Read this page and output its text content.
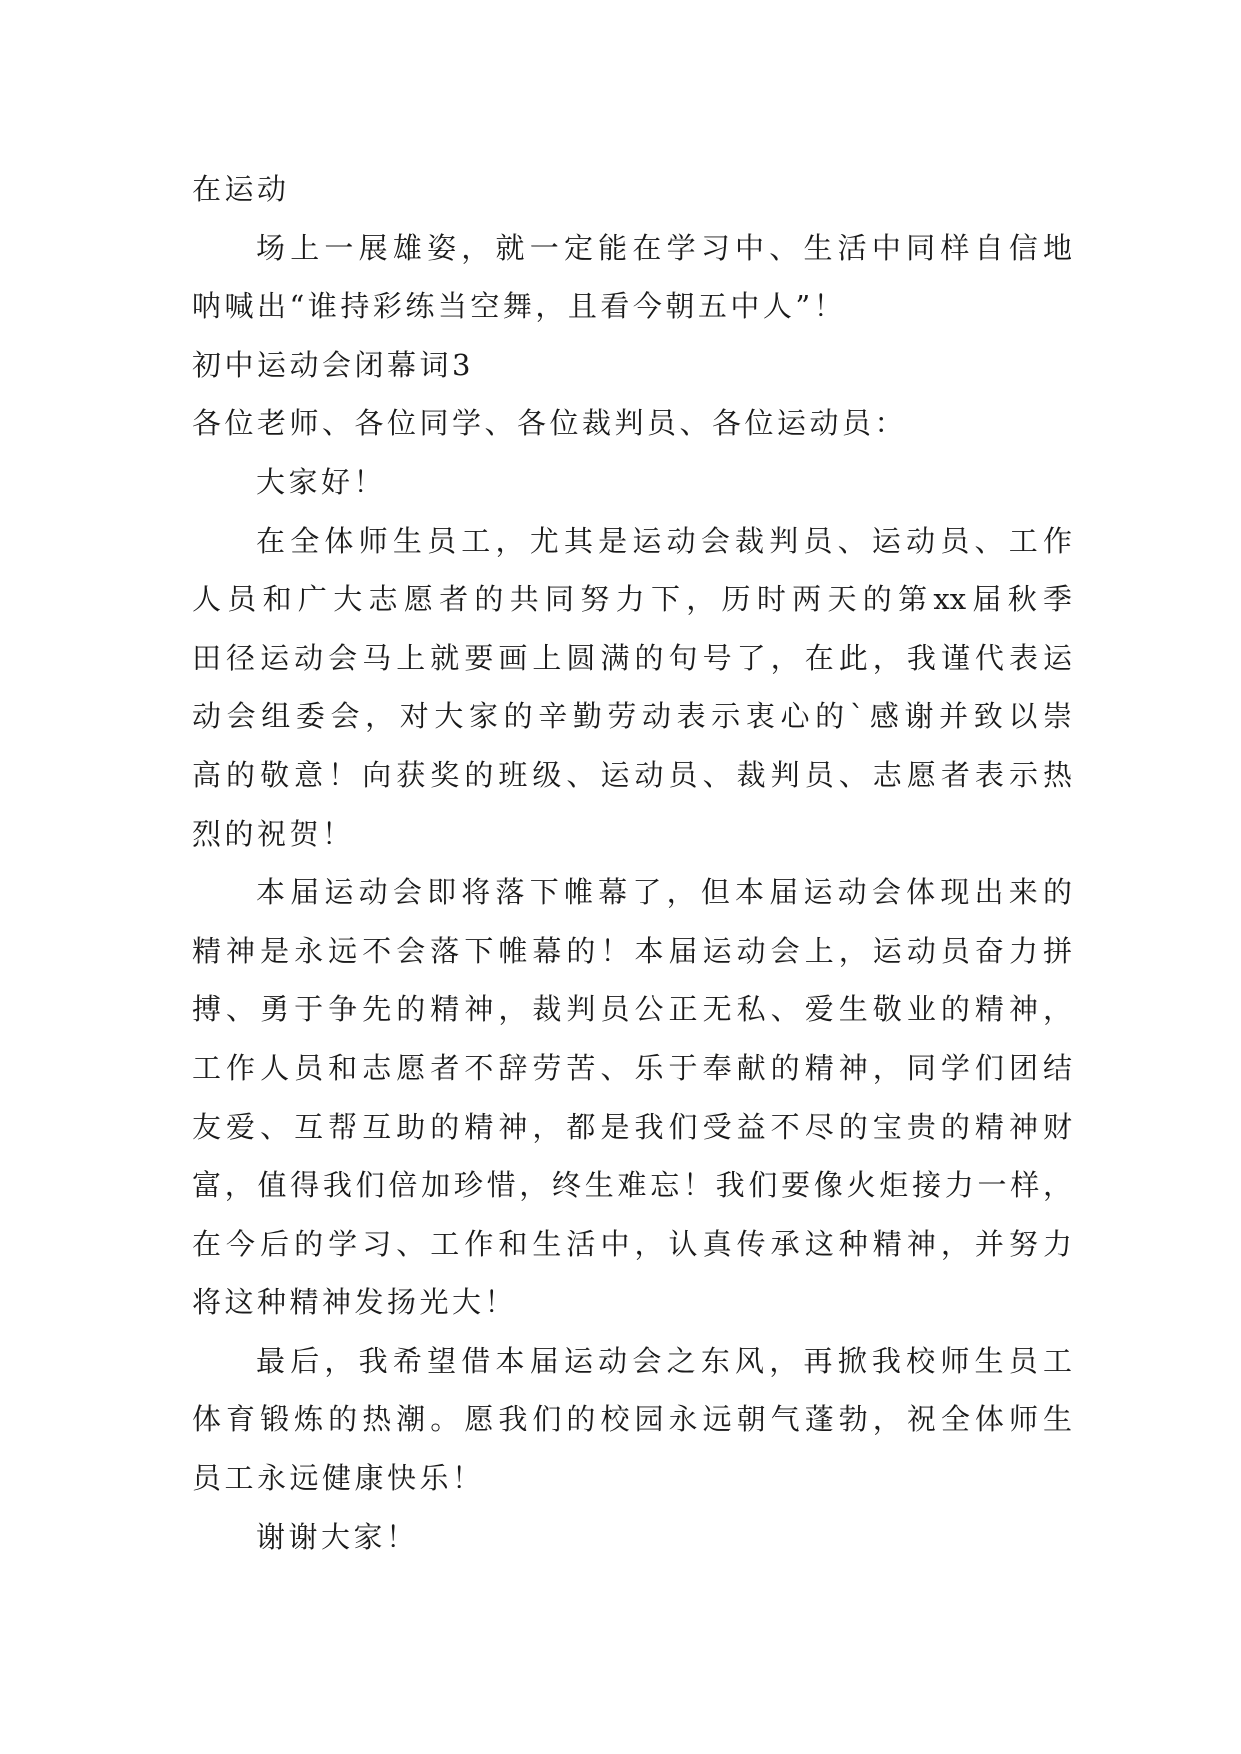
在运动
场上一展雄姿，就一定能在学习中、生活中同样自信地
呐喊出“谁持彩练当空舞，且看今朝五中人”！
初中运动会闭幕词3
各位老师、各位同学、各位裁判员、各位运动员：
大家好！
在全体师生员工，尤其是运动会裁判员、运动员、工作
人员和广大志愿者的共同努力下，历时两天的第xx届秋季
田径运动会马上就要画上圆满的句号了，在此，我谨代表运
动会组委会，对大家的辛勤劳动表示衷心的`感谢并致以崇
高的敬意！向获奖的班级、运动员、裁判员、志愿者表示热
烈的祝贺！
本届运动会即将落下帷幕了，但本届运动会体现出来的
精神是永远不会落下帷幕的！本届运动会上，运动员奋力拼
搏、勇于争先的精神，裁判员公正无私、爱生敬业的精神，
工作人员和志愿者不辞劳苦、乐于奉献的精神，同学们团结
友爱、互帮互助的精神，都是我们受益不尽的宝贵的精神财
富，值得我们倍加珍惜，终生难忘！我们要像火炬接力一样，
在今后的学习、工作和生活中，认真传承这种精神，并努力
将这种精神发扬光大！
最后，我希望借本届运动会之东风，再掀我校师生员工
体育锻炼的热潮。愿我们的校园永远朝气蓬勃，祝全体师生
员工永远健康快乐！
谢谢大家！
